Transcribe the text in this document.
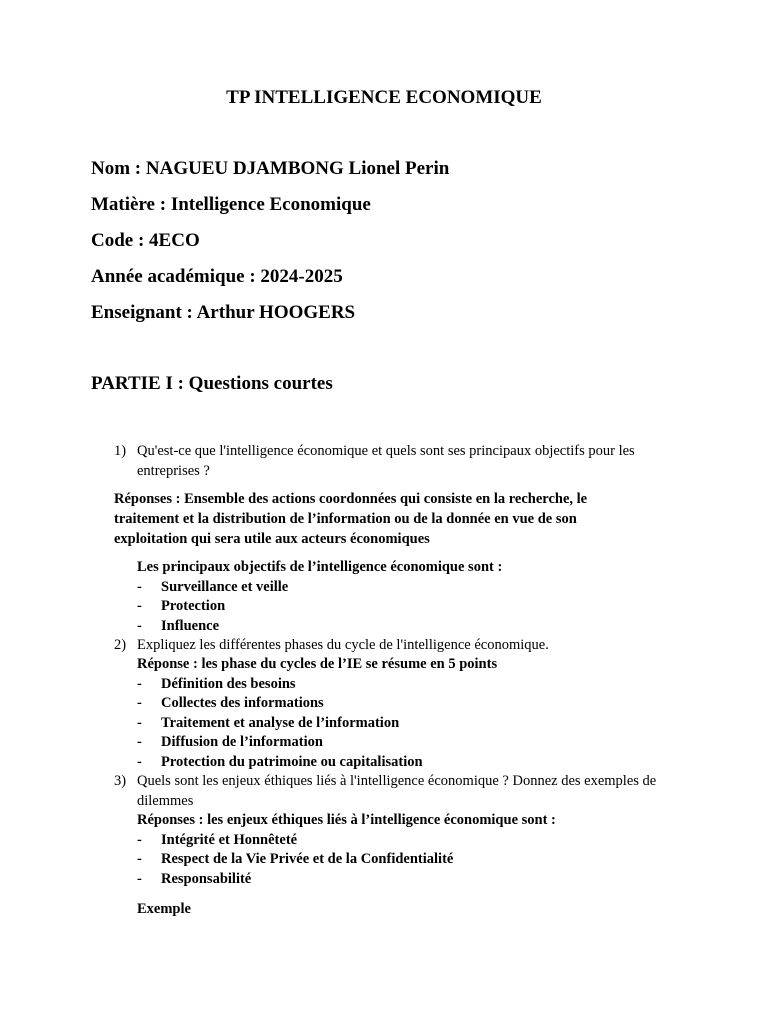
TP INTELLIGENCE ECONOMIQUE
Nom : NAGUEU DJAMBONG Lionel Perin
Matière : Intelligence Economique
Code : 4ECO
Année académique : 2024-2025
Enseignant : Arthur HOOGERS
PARTIE I : Questions courtes
1) Qu'est-ce que l'intelligence économique et quels sont ses principaux objectifs pour les entreprises ?
Réponses : Ensemble des actions coordonnées qui consiste en la recherche, le traitement et la distribution de l’information ou de la donnée en vue de son exploitation qui sera utile aux acteurs économiques
Les principaux objectifs de l’intelligence économique sont :
- Surveillance et veille
- Protection
- Influence
2) Expliquez les différentes phases du cycle de l'intelligence économique.
Réponse : les phase du cycles de l’IE se résume en 5 points
- Définition des besoins
- Collectes des informations
- Traitement et analyse de l’information
- Diffusion de l’information
- Protection du patrimoine ou capitalisation
3) Quels sont les enjeux éthiques liés à l'intelligence économique ? Donnez des exemples de dilemmes
Réponses : les enjeux éthiques liés à l’intelligence économique sont :
- Intégrité et Honnêteté
- Respect de la Vie Privée et de la Confidentialité
- Responsabilité
Exemple
